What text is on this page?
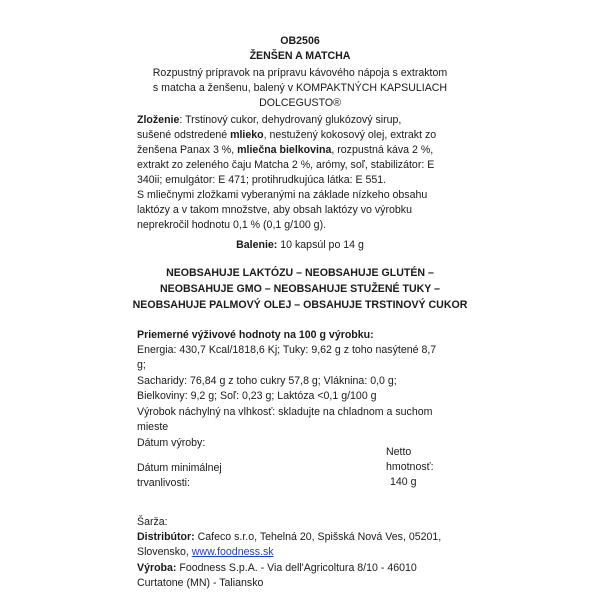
OB2506
ŽENŠEN A MATCHA
Rozpustný prípravok na prípravu kávového nápoja s extraktom
s matcha a ženšenu, balený v KOMPAKTNÝCH KAPSULIACH
DOLCEGUSTO®
Zloženie: Trstinový cukor, dehydrovaný glukózový sirup,
sušené odstredené mlieko, nestužený kokosový olej, extrakt zo
ženšena Panax 3 %, mliečna bielkovina, rozpustná káva 2 %,
extrakt zo zeleného čaju Matcha 2 %, arómy, soľ, stabilizátor: E
340ii; emulgátor: E 471; protihrudkujúca látka: E 551.
S mliečnymi zložkami vyberanými na základe nízkeho obsahu
laktózy a v takom množstve, aby obsah laktózy vo výrobku
neprekročil hodnotu 0,1 % (0,1 g/100 g).
Balenie: 10 kapsúl po 14 g
NEOBSAHUJE LAKTÓZU – NEOBSAHUJE GLUTÉN –
NEOBSAHUJE GMO – NEOBSAHUJE STUŽENÉ TUKY –
NEOBSAHUJE PALMOVÝ OLEJ – OBSAHUJE TRSTINOVÝ CUKOR
Priemerné výživové hodnoty na 100 g výrobku:
Energia: 430,7 Kcal/1818,6 Kj; Tuky: 9,62 g z toho nasýtené 8,7
g;
Sacharidy: 76,84 g z toho cukry 57,8 g; Vláknina: 0,0 g;
Bielkoviny: 9,2 g; Soľ: 0,23 g; Laktóza <0,1 g/100 g
Výrobok náchylný na vlhkosť: skladujte na chladnom a suchom
mieste
Dátum výroby:
Dátum minimálnej
trvanlivosti:
Netto
hmotnosť:
140 g
Šarža:
Distribútor: Cafeco s.r.o, Tehelná 20, Spišská Nová Ves, 05201,
Slovensko, www.foodness.sk
Výroba: Foodness S.p.A. - Via dell'Agricoltura 8/10 - 46010
Curtatone (MN) - Taliansko
